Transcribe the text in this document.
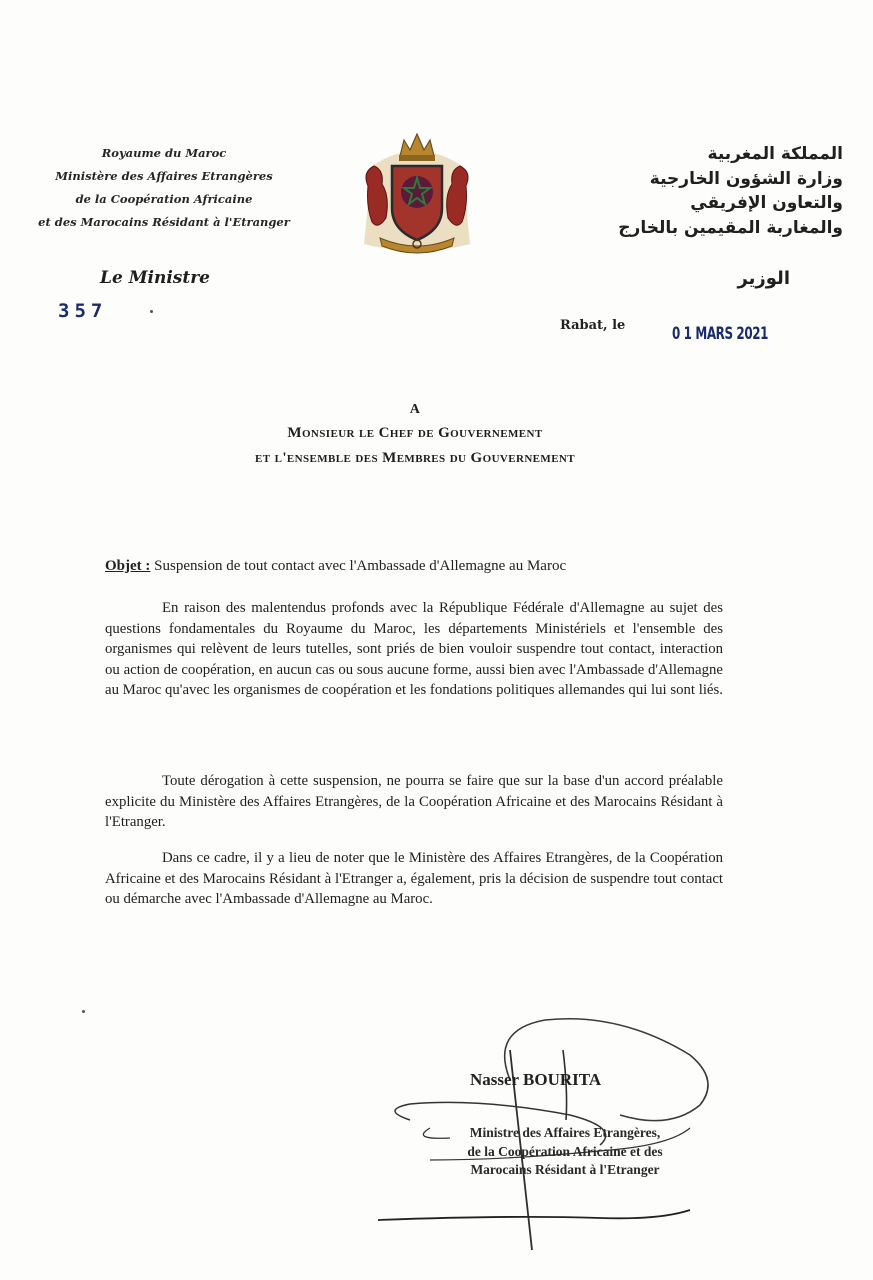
Royaume du Maroc
Ministère des Affaires Etrangères
de la Coopération Africaine
et des Marocains Résidant à l'Etranger
المملكة المغربية
وزارة الشؤون الخارجية
والتعاون الإفريقي
والمغاربة المقيمين بالخارج
الوزير
Le Ministre
357
Rabat, le	0 1 MARS 2021
A
Monsieur le Chef de Gouvernement
et l'ensemble des Membres du Gouvernement
Objet : Suspension de tout contact avec l'Ambassade d'Allemagne au Maroc
En raison des malentendus profonds avec la République Fédérale d'Allemagne au sujet des questions fondamentales du Royaume du Maroc, les départements Ministériels et l'ensemble des organismes qui relèvent de leurs tutelles, sont priés de bien vouloir suspendre tout contact, interaction ou action de coopération, en aucun cas ou sous aucune forme, aussi bien avec l'Ambassade d'Allemagne au Maroc qu'avec les organismes de coopération et les fondations politiques allemandes qui lui sont liés.
Toute dérogation à cette suspension, ne pourra se faire que sur la base d'un accord préalable explicite du Ministère des Affaires Etrangères, de la Coopération Africaine et des Marocains Résidant à l'Etranger.
Dans ce cadre, il y a lieu de noter que le Ministère des Affaires Etrangères, de la Coopération Africaine et des Marocains Résidant à l'Etranger a, également, pris la décision de suspendre tout contact ou démarche avec l'Ambassade d'Allemagne au Maroc.
Nasser BOURITA
Ministre des Affaires Etrangères,
de la Coopération Africaine et des
Marocains Résidant à l'Etranger
